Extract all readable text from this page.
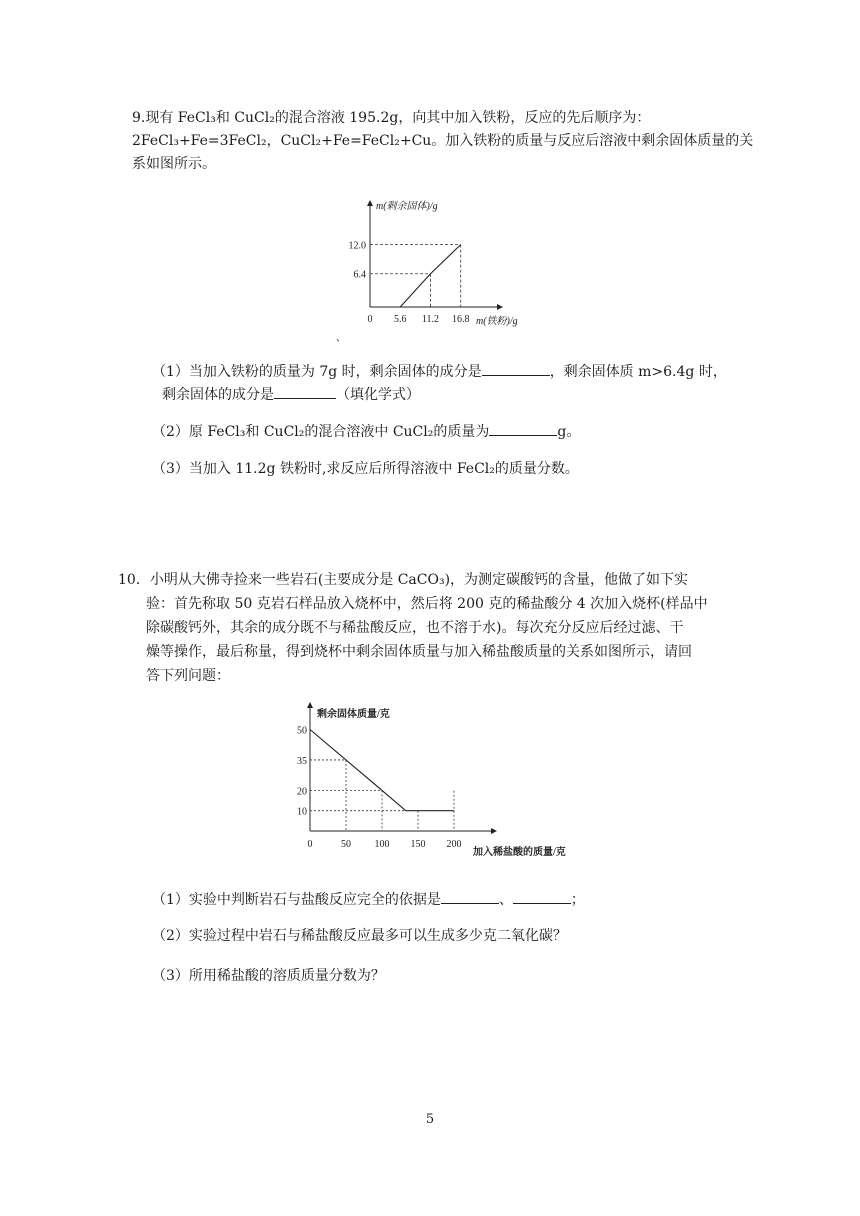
9.现有 FeCl₃和 CuCl₂的混合溶液 195.2g，向其中加入铁粉，反应的先后顺序为：
2FeCl₃+Fe=3FeCl₂，CuCl₂+Fe=FeCl₂+Cu。加入铁粉的质量与反应后溶液中剩余固体质量的关
系如图所示。
0 5.6 11.2 16.8
6.4
12.0
m(剩余固体)/g
m(铁粉)/g
、
（1）当加入铁粉的质量为 7g 时，剩余固体的成分是	，剩余固体质 m>6.4g 时，
剩余固体的成分是	（填化学式）
（2）原 FeCl₃和 CuCl₂的混合溶液中 CuCl₂的质量为	g。
（3）当加入 11.2g 铁粉时,求反应后所得溶液中 FeCl₂的质量分数。
10．小明从大佛寺捡来一些岩石(主要成分是 CaCO₃)，为测定碳酸钙的含量，他做了如下实
验：首先称取 50 克岩石样品放入烧杯中，然后将 200 克的稀盐酸分 4 次加入烧杯(样品中
除碳酸钙外，其余的成分既不与稀盐酸反应，也不溶于水)。每次充分反应后经过滤、干
燥等操作，最后称量，得到烧杯中剩余固体质量与加入稀盐酸质量的关系如图所示，请回
答下列问题：
0	50 100 150 200
10
20
35
50
剩余固体质量/克
加入稀盐酸的质量/克
（1）实验中判断岩石与盐酸反应完全的依据是	、	；
（2）实验过程中岩石与稀盐酸反应最多可以生成多少克二氧化碳？
（3）所用稀盐酸的溶质质量分数为？
5
